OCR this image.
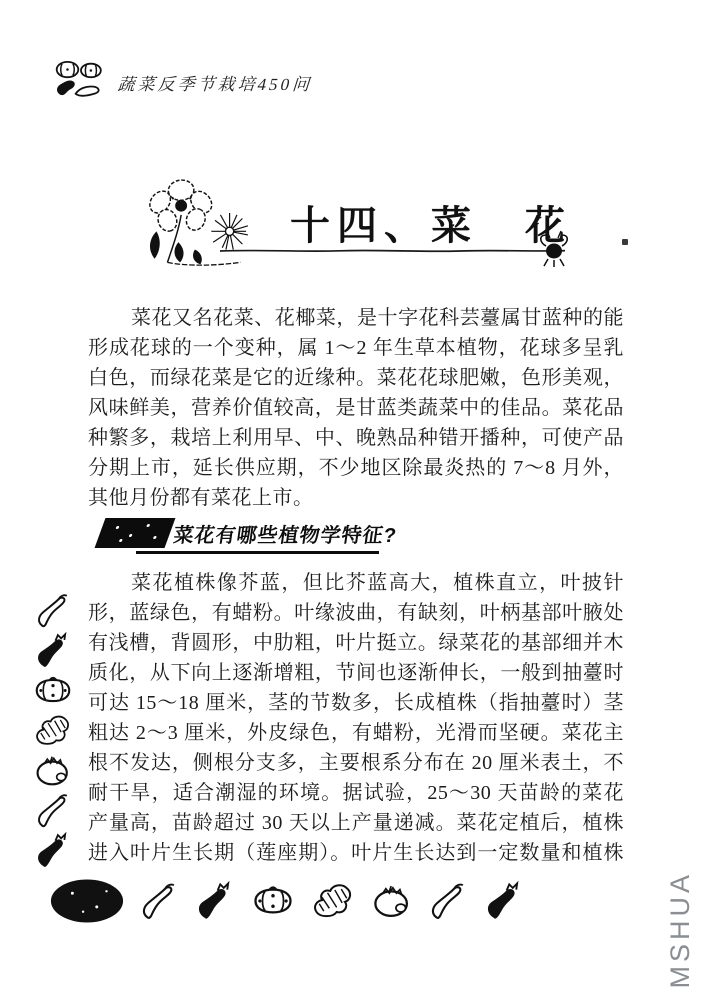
蔬菜反季节栽培450问
十四、菜　花
菜花又名花菜、花椰菜，是十字花科芸薹属甘蓝种的能
形成花球的一个变种，属 1～2 年生草本植物，花球多呈乳
白色，而绿花菜是它的近缘种。菜花花球肥嫩，色形美观，
风味鲜美，营养价值较高，是甘蓝类蔬菜中的佳品。菜花品
种繁多，栽培上利用早、中、晚熟品种错开播种，可使产品
分期上市，延长供应期，不少地区除最炎热的 7～8 月外，
其他月份都有菜花上市。
菜花有哪些植物学特征?
菜花植株像芥蓝，但比芥蓝高大，植株直立，叶披针
形，蓝绿色，有蜡粉。叶缘波曲，有缺刻，叶柄基部叶腋处
有浅槽，背圆形，中肋粗，叶片挺立。绿菜花的基部细并木
质化，从下向上逐渐增粗，节间也逐渐伸长，一般到抽薹时
可达 15～18 厘米，茎的节数多，长成植株（指抽薹时）茎
粗达 2～3 厘米，外皮绿色，有蜡粉，光滑而坚硬。菜花主
根不发达，侧根分支多，主要根系分布在 20 厘米表土，不
耐干旱，适合潮湿的环境。据试验，25～30 天苗龄的菜花
产量高，苗龄超过 30 天以上产量递减。菜花定植后，植株
进入叶片生长期（莲座期）。叶片生长达到一定数量和植株
MSHUA
